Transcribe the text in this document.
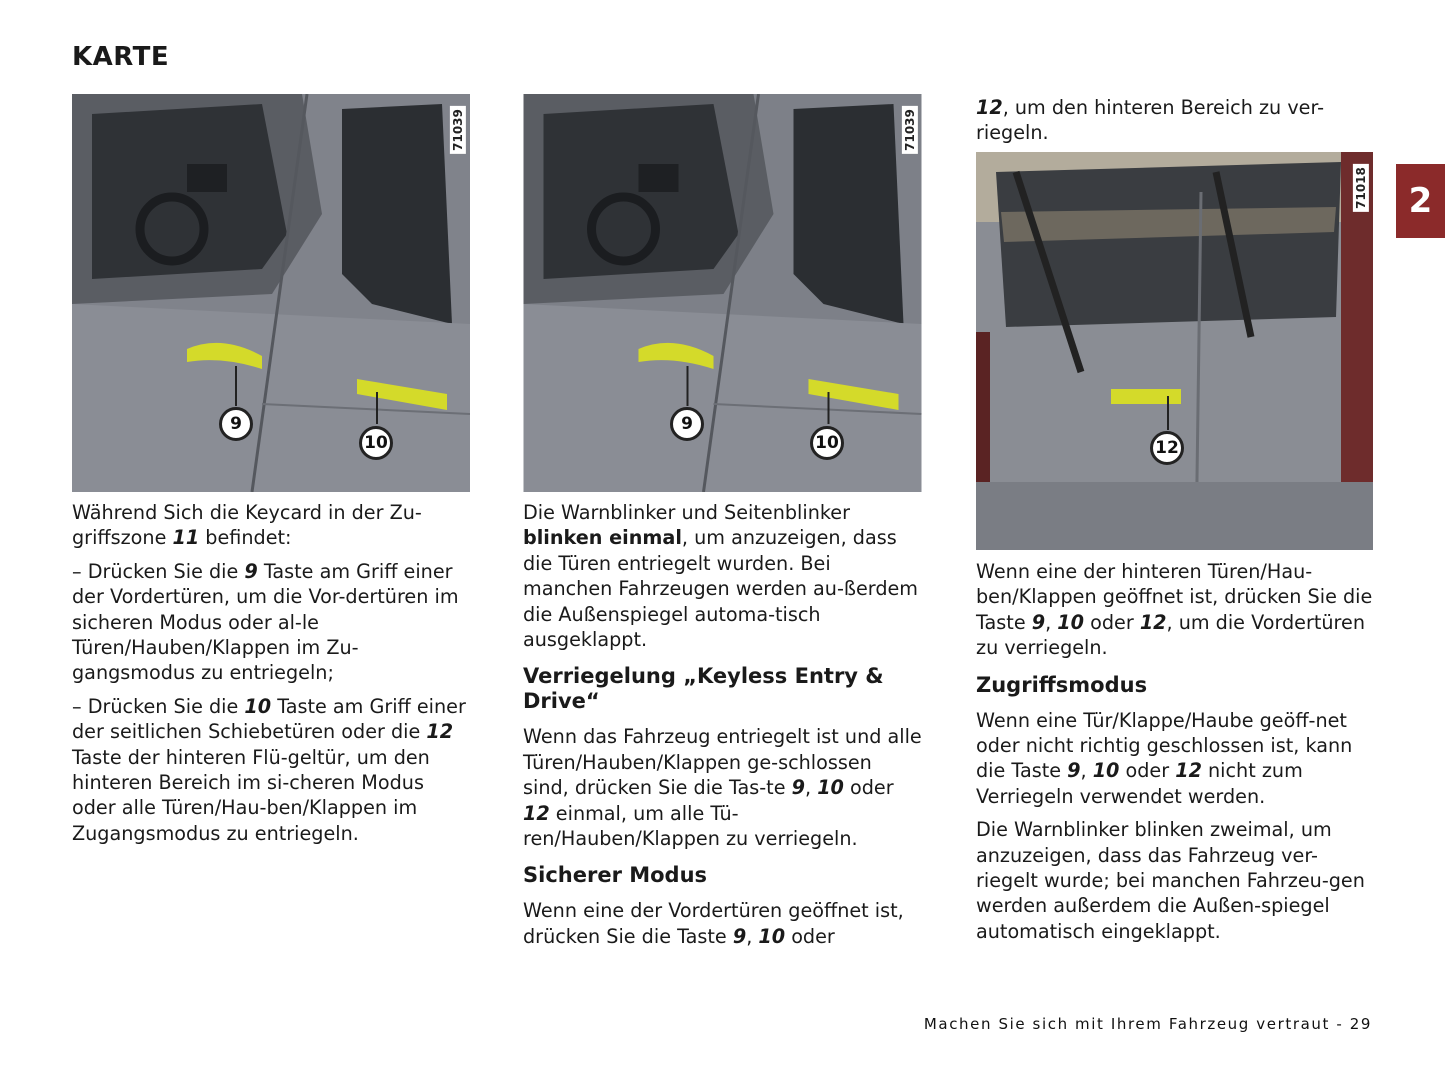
KARTE
71039
9
10
71039
9
10
71018
12

Während Sich die Keycard in der Zu-griffszone 11 befindet:

– Drücken Sie die 9 Taste am Griff einer der Vordertüren, um die Vor-dertüren im sicheren Modus oder al-le Türen/Hauben/Klappen im Zu-gangsmodus zu entriegeln;

– Drücken Sie die 10 Taste am Griff einer der seitlichen Schiebetüren oder die 12 Taste der hinteren Flü-geltür, um den hinteren Bereich im si-cheren Modus oder alle Türen/Hau-ben/Klappen im Zugangsmodus zu entriegeln.

Die Warnblinker und Seitenblinker blinken einmal, um anzuzeigen, dass die Türen entriegelt wurden. Bei manchen Fahrzeugen werden au-ßerdem die Außenspiegel automa-tisch ausgeklappt.

Verriegelung „Keyless Entry & Drive“

Wenn das Fahrzeug entriegelt ist und alle Türen/Hauben/Klappen ge-schlossen sind, drücken Sie die Tas-te 9, 10 oder 12 einmal, um alle Tü-ren/Hauben/Klappen zu verriegeln.

Sicherer Modus

Wenn eine der Vordertüren geöffnet ist, drücken Sie die Taste 9, 10 oder

12, um den hinteren Bereich zu ver-riegeln.

Wenn eine der hinteren Türen/Hau-ben/Klappen geöffnet ist, drücken Sie die Taste 9, 10 oder 12, um die Vordertüren zu verriegeln.

Zugriffsmodus

Wenn eine Tür/Klappe/Haube geöff-net oder nicht richtig geschlossen ist, kann die Taste 9, 10 oder 12 nicht zum Verriegeln verwendet werden.

Die Warnblinker blinken zweimal, um anzuzeigen, dass das Fahrzeug ver-riegelt wurde; bei manchen Fahrzeu-gen werden außerdem die Außen-spiegel automatisch eingeklappt.

2
Machen Sie sich mit Ihrem Fahrzeug vertraut - 29
